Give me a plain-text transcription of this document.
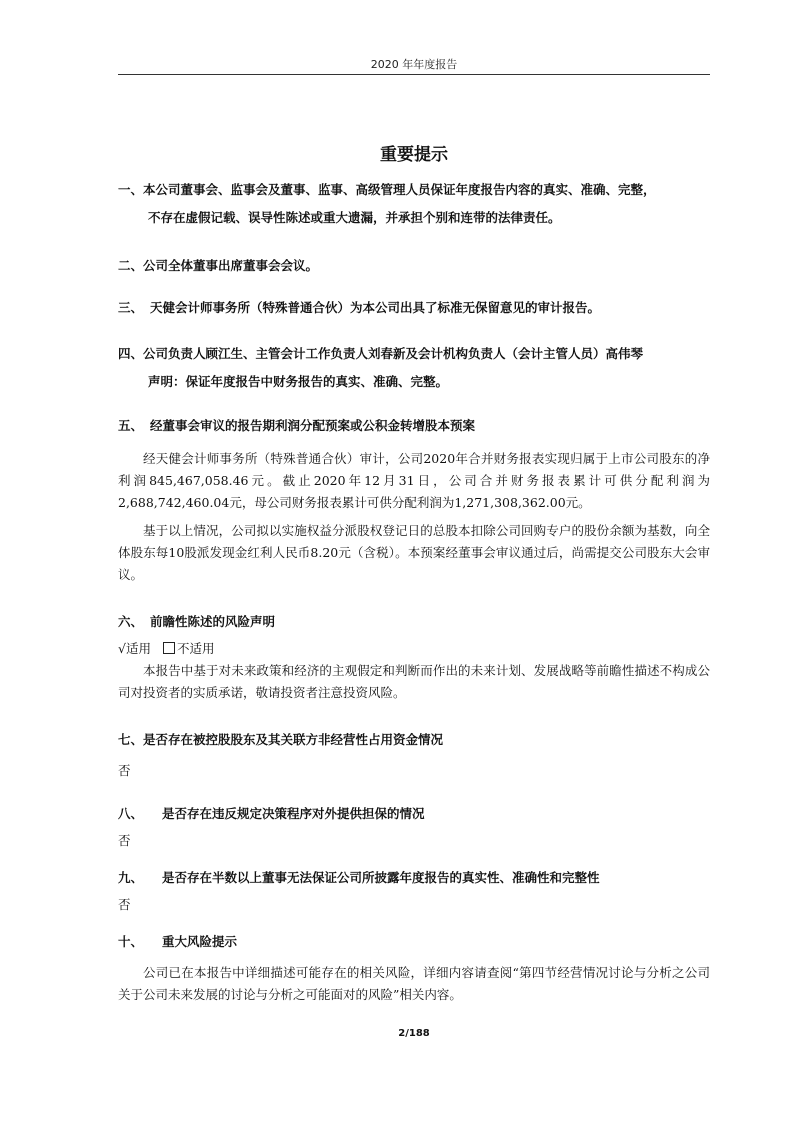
2020 年年度报告
重要提示
一、本公司董事会、监事会及董事、监事、高级管理人员保证年度报告内容的真实、准确、完整，
不存在虚假记载、误导性陈述或重大遗漏，并承担个别和连带的法律责任。
二、公司全体董事出席董事会会议。
三、 天健会计师事务所（特殊普通合伙）为本公司出具了标准无保留意见的审计报告。
四、公司负责人顾江生、主管会计工作负责人刘春新及会计机构负责人（会计主管人员）高伟琴
声明：保证年度报告中财务报告的真实、准确、完整。
五、 经董事会审议的报告期利润分配预案或公积金转增股本预案
经天健会计师事务所（特殊普通合伙）审计，公司2020年合并财务报表实现归属于上市公司股东的净利润845,467,058.46元。截止2020年12月31日，公司合并财务报表累计可供分配利润为2,688,742,460.04元，母公司财务报表累计可供分配利润为1,271,308,362.00元。
基于以上情况，公司拟以实施权益分派股权登记日的总股本扣除公司回购专户的股份余额为基数，向全体股东每10股派发现金红利人民币8.20元（含税）。本预案经董事会审议通过后，尚需提交公司股东大会审议。
六、 前瞻性陈述的风险声明
√适用 不适用
本报告中基于对未来政策和经济的主观假定和判断而作出的未来计划、发展战略等前瞻性描述不构成公司对投资者的实质承诺，敬请投资者注意投资风险。
七、是否存在被控股股东及其关联方非经营性占用资金情况
否
八、 是否存在违反规定决策程序对外提供担保的情况
否
九、 是否存在半数以上董事无法保证公司所披露年度报告的真实性、准确性和完整性
否
十、 重大风险提示
公司已在本报告中详细描述可能存在的相关风险，详细内容请查阅“第四节经营情况讨论与分析之公司关于公司未来发展的讨论与分析之可能面对的风险”相关内容。
2/188
